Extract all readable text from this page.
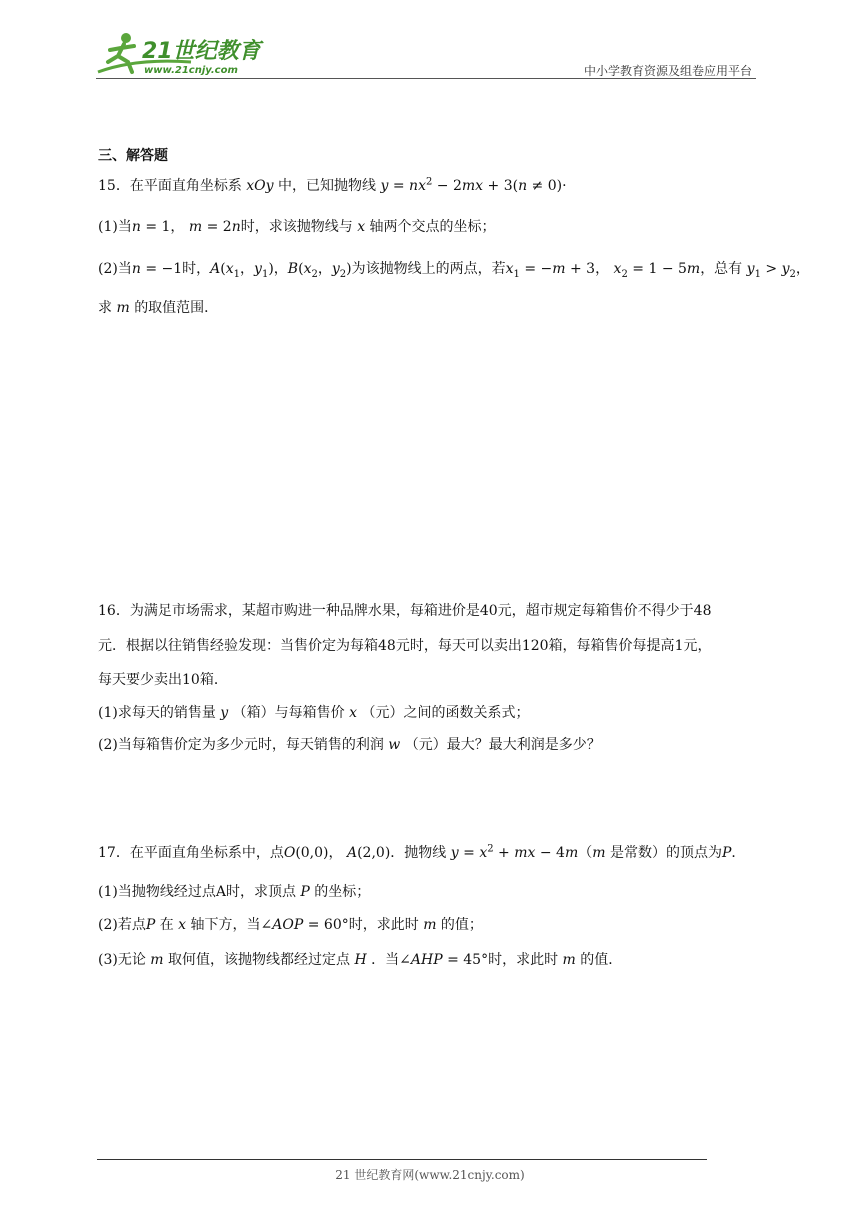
21世纪教育
www.21cnjy.com	中小学教育资源及组卷应用平台
三、解答题
15．在平面直角坐标系 xOy 中，已知抛物线 $y = nx^2 - 2mx + 3(n \ne 0)\cdot$
(1)当n = 1， m = 2n时，求该抛物线与 x 轴两个交点的坐标；
(2)当n = −1时，$A(x_1$，$y_1$)，$B(x_2$，$y_2$)为该抛物线上的两点，若$x_1 = -m + 3$， $x_2 = 1 - 5m$，总有 $y_1 > y_2$，
求 m 的取值范围．
16．为满足市场需求，某超市购进一种品牌水果，每箱进价是40元，超市规定每箱售价不得少于48
元．根据以往销售经验发现：当售价定为每箱48元时，每天可以卖出120箱，每箱售价每提高1元，
每天要少卖出10箱．
(1)求每天的销售量 y （箱）与每箱售价 x （元）之间的函数关系式；
(2)当每箱售价定为多少元时，每天销售的利润 w （元）最大？最大利润是多少？
17．在平面直角坐标系中，点O(0,0)， A(2,0)．抛物线 $y = x^2$ + mx − 4m（m 是常数）的顶点为P．
(1)当抛物线经过点A时，求顶点 P 的坐标；
(2)若点P 在 x 轴下方，当∠AOP = 60°时，求此时 m 的值；
(3)无论 m 取何值，该抛物线都经过定点 H ．当∠AHP = 45°时，求此时 m 的值．
21 世纪教育网(www.21cnjy.com)
